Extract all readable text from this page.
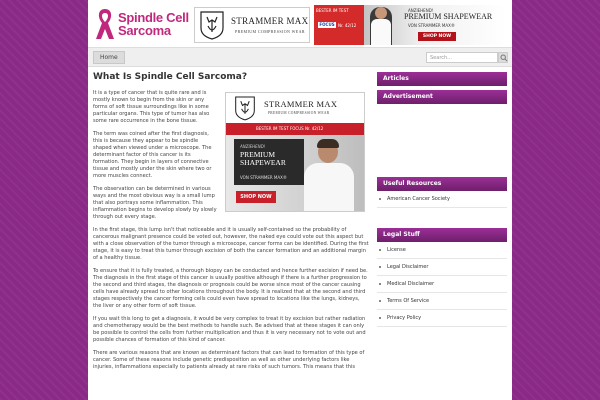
Spindle Cell
Sarcoma
STRAMMER MAX
PREMIUM COMPRESSION WEAR
BESTER IM TEST
FOCUS Nr. 42/12
ANZIEHEND!
PREMIUM SHAPEWEAR
VON STRAMMER MAX®
SHOP NOW
Home	Search...
What Is Spindle Cell Sarcoma?

It is a type of cancer that is quite rare and is mostly known to begin from the skin or any forms of soft tissue surroundings like in some particular organs. This type of tumor has also some rare occurrence in the bone tissue.

The term was coined after the first diagnosis, this is because they appear to be spindle shaped when viewed under a microscope. The determinant factor of this cancer is its formation. They begin in layers of connective tissue and mostly under the skin where two or more muscles connect.

The observation can be determined in various ways and the most obvious way is a small lump that also portrays some inflammation. This inflammation begins to develop slowly by slowly through out every stage.

In the first stage, this lump isn't that noticeable and it is usually self-contained so the probability of cancerous malignant presence could be voted out, however, the naked eye could vote out this aspect but with a close observation of the tumor through a microscope, cancer forms can be identified. During the first stage, it is easy to treat this tumor through excision of both the cancer formation and an additional margin of a healthy tissue.

To ensure that it is fully treated, a thorough biopsy can be conducted and hence further excision if need be. The diagnosis in the first stage of this cancer is usually positive although if there is a further progression to the second and third stages, the diagnosis or prognosis could be worse since most of the cancer causing cells have already spread to other locations throughout the body. It is realized that at the second and third stages respectively the cancer forming cells could even have spread to locations like the lungs, kidneys, the liver or any other form of soft tissue.

If you wait this long to get a diagnosis, it would be very complex to treat it by excision but rather radiation and chemotherapy would be the best methods to handle such. Be advised that at these stages it can only be possible to control the cells from further multiplication and thus it is very necessary not to vote out and possible chances of formation of this kind of cancer.

There are various reasons that are known as determinant factors that can lead to formation of this type of cancer. Some of these reasons include genetic predisposition as well as other underlying factors like injuries, inflammations especially to patients already at rare risks of such tumors. This means that this

STRAMMER MAX
PREMIUM COMPRESSION WEAR
BESTER IM TEST FOCUS Nr. 42/12
ANZIEHEND!
PREMIUM
SHAPEWEAR
VON STRAMMER MAX®
SHOP NOW
Articles
Advertisement
Useful Resources
American Cancer Society
Legal Stuff
License
Legal Disclaimer
Medical Disclaimer
Terms Of Service
Privacy Policy
